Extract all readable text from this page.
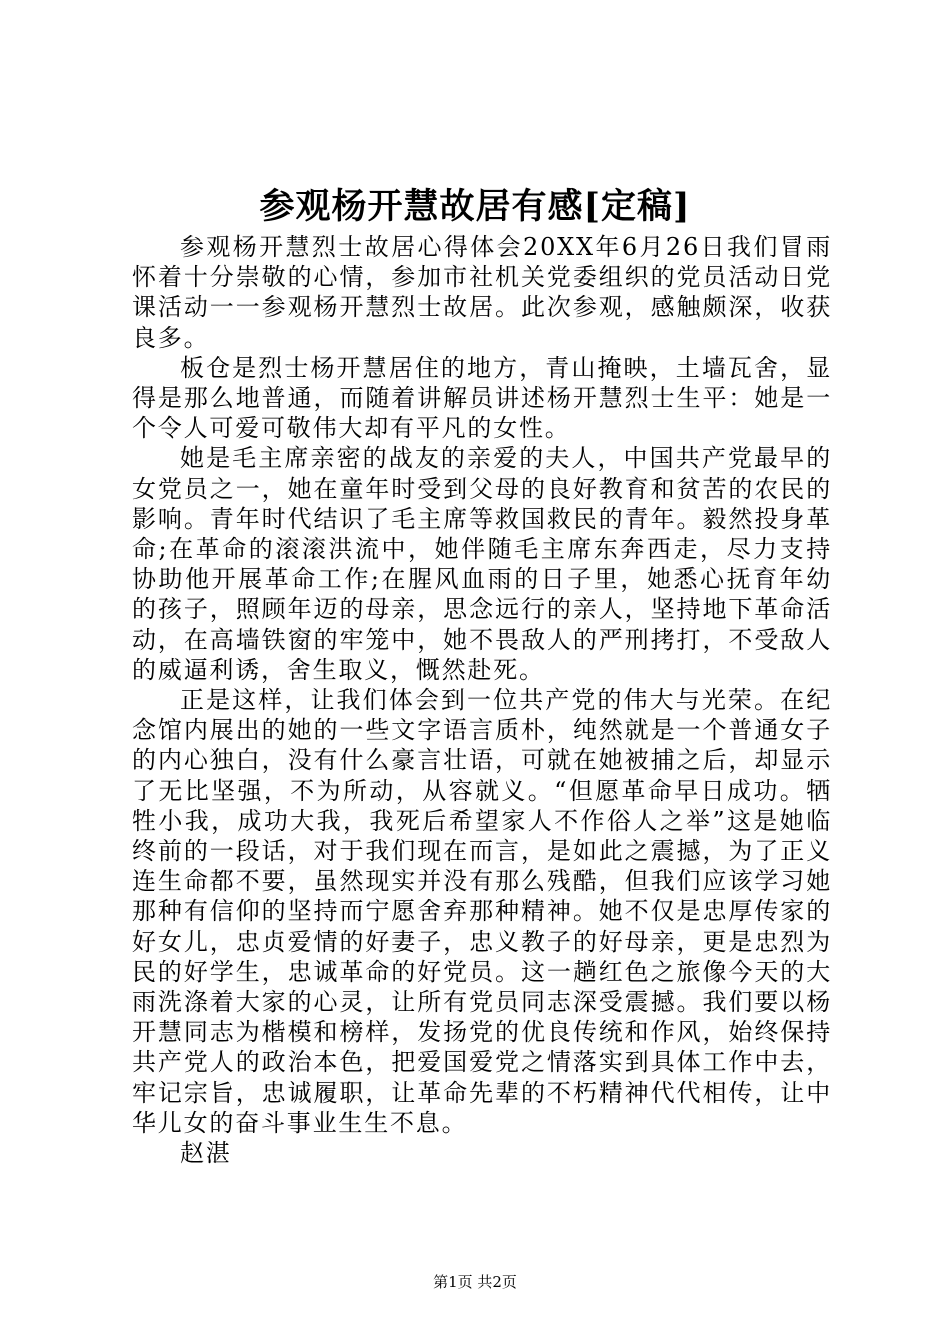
参观杨开慧故居有感[定稿]

参观杨开慧烈士故居心得体会20XX年6月26日我们冒雨怀着十分崇敬的心情，参加市社机关党委组织的党员活动日党课活动一一参观杨开慧烈士故居。此次参观，感触颇深，收获良多。

板仓是烈士杨开慧居住的地方，青山掩映，土墙瓦舍，显得是那么地普通，而随着讲解员讲述杨开慧烈士生平：她是一个令人可爱可敬伟大却有平凡的女性。

她是毛主席亲密的战友的亲爱的夫人，中国共产党最早的女党员之一，她在童年时受到父母的良好教育和贫苦的农民的影响。青年时代结识了毛主席等救国救民的青年。毅然投身革命;在革命的滚滚洪流中，她伴随毛主席东奔西走，尽力支持协助他开展革命工作;在腥风血雨的日子里，她悉心抚育年幼的孩子，照顾年迈的母亲，思念远行的亲人，坚持地下革命活动，在高墙铁窗的牢笼中，她不畏敌人的严刑拷打，不受敌人的威逼利诱，舍生取义，慨然赴死。

正是这样，让我们体会到一位共产党的伟大与光荣。在纪念馆内展出的她的一些文字语言质朴，纯然就是一个普通女子的内心独白，没有什么豪言壮语，可就在她被捕之后，却显示了无比坚强，不为所动，从容就义。“但愿革命早日成功。牺牲小我，成功大我，我死后希望家人不作俗人之举”这是她临终前的一段话，对于我们现在而言，是如此之震撼，为了正义连生命都不要，虽然现实并没有那么残酷，但我们应该学习她那种有信仰的坚持而宁愿舍弃那种精神。她不仅是忠厚传家的好女儿，忠贞爱情的好妻子，忠义教子的好母亲，更是忠烈为民的好学生，忠诚革命的好党员。这一趟红色之旅像今天的大雨洗涤着大家的心灵，让所有党员同志深受震撼。我们要以杨开慧同志为楷模和榜样，发扬党的优良传统和作风，始终保持共产党人的政治本色，把爱国爱党之情落实到具体工作中去，牢记宗旨，忠诚履职，让革命先辈的不朽精神代代相传，让中华儿女的奋斗事业生生不息。

赵湛

第1页 共2页
